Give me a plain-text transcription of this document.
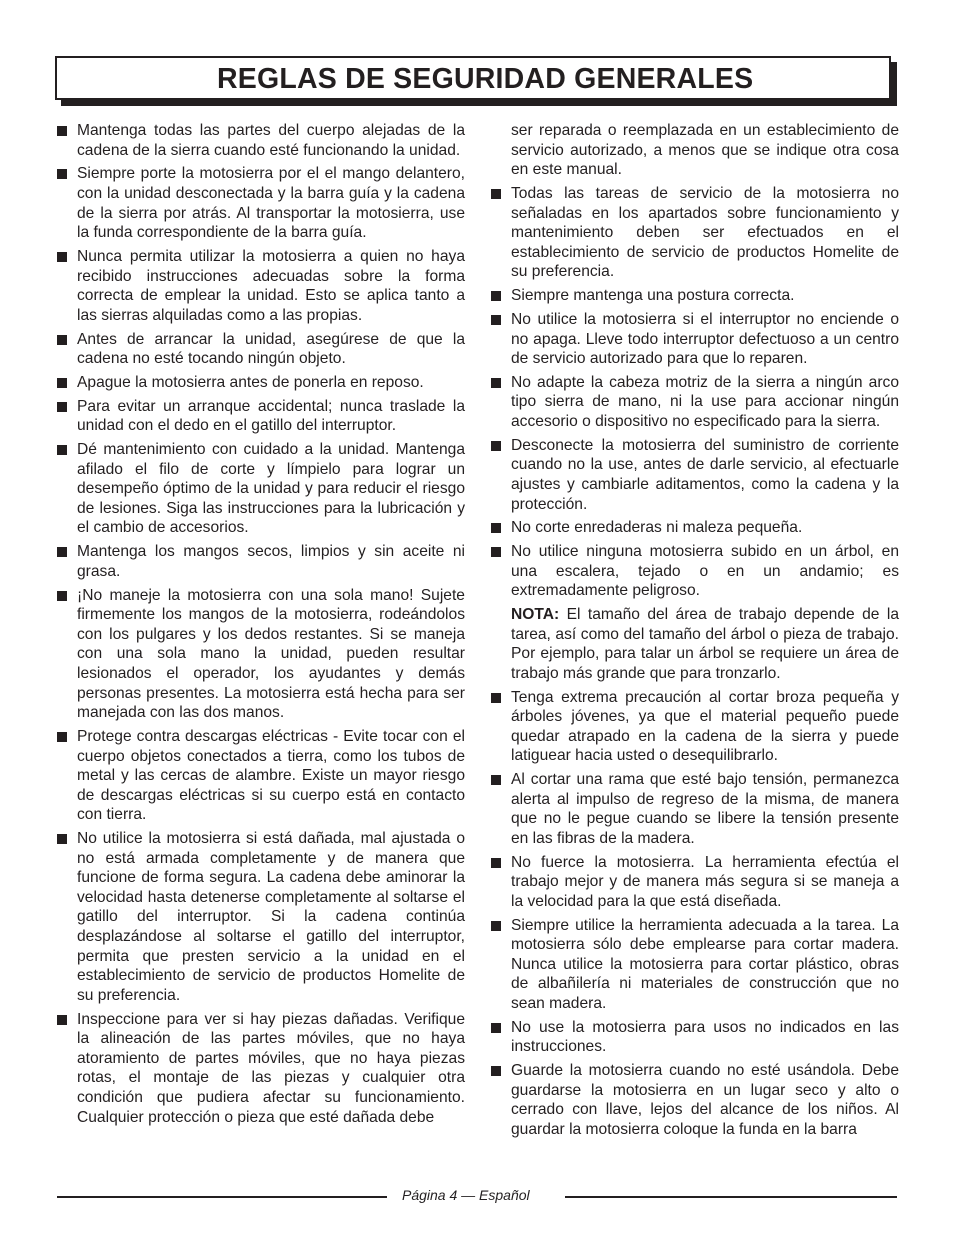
REGLAS DE SEGURIDAD GENERALES
Mantenga todas las partes del cuerpo alejadas de la cadena de la sierra cuando esté funcionando la unidad.
Siempre porte la motosierra por el el mango delantero, con la unidad desconectada y la barra guía y la cadena de la sierra por atrás. Al transportar la motosierra, use la funda correspondiente de la barra guía.
Nunca permita utilizar la motosierra a quien no haya recibido instrucciones adecuadas sobre la forma correcta de emplear la unidad. Esto se aplica tanto a las sierras alquiladas como a las propias.
Antes de arrancar la unidad, asegúrese de que la cadena no esté tocando ningún objeto.
Apague la motosierra antes de ponerla en reposo.
Para evitar un arranque accidental; nunca traslade la unidad con el dedo en el gatillo del interruptor.
Dé mantenimiento con cuidado a la unidad. Mantenga afilado el filo de corte y límpielo para lograr un desempeño óptimo de la unidad y para reducir el riesgo de lesiones. Siga las instrucciones para la lubricación y el cambio de accesorios.
Mantenga los mangos secos, limpios y sin aceite ni grasa.
¡No maneje la motosierra con una sola mano! Sujete firmemente los mangos de la motosierra, rodeándolos con los pulgares y los dedos restantes. Si se maneja con una sola mano la unidad, pueden resultar lesionados el operador, los ayudantes y demás personas presentes. La motosierra está hecha para ser manejada con las dos manos.
Protege contra descargas eléctricas - Evite tocar con el cuerpo objetos conectados a tierra, como los tubos de metal y las cercas de alambre. Existe un mayor riesgo de descargas eléctricas si su cuerpo está en contacto con tierra.
No utilice la motosierra si está dañada, mal ajustada o no está armada completamente y de manera que funcione de forma segura. La cadena debe aminorar la velocidad hasta detenerse completamente al soltarse el gatillo del interruptor. Si la cadena continúa desplazándose al soltarse el gatillo del interruptor, permita que presten servicio a la unidad en el establecimiento de servicio de productos Homelite de su preferencia.
Inspeccione para ver si hay piezas dañadas. Verifique la alineación de las partes móviles, que no haya atoramiento de partes móviles, que no haya piezas rotas, el montaje de las piezas y cualquier otra condición que pudiera afectar su funcionamiento. Cualquier protección o pieza que esté dañada debe
ser reparada o reemplazada en un establecimiento de servicio autorizado, a menos que se indique otra cosa en este manual.
Todas las tareas de servicio de la motosierra no señaladas en los apartados sobre funcionamiento y mantenimiento deben ser efectuados en el establecimiento de servicio de productos Homelite de su preferencia.
Siempre mantenga una postura correcta.
No utilice la motosierra si el interruptor no enciende o no apaga. Lleve todo interruptor defectuoso a un centro de servicio autorizado para que lo reparen.
No adapte la cabeza motriz de la sierra a ningún arco tipo sierra de mano, ni la use para accionar ningún accesorio o dispositivo no especificado para la sierra.
Desconecte la motosierra del suministro de corriente cuando no la use, antes de darle servicio, al efectuarle ajustes y cambiarle aditamentos, como la cadena y la protección.
No corte enredaderas ni maleza pequeña.
No utilice ninguna motosierra subido en un árbol, en una escalera, tejado o en un andamio; es extremadamente peligroso.
NOTA: El tamaño del área de trabajo depende de la tarea, así como del tamaño del árbol o pieza de trabajo. Por ejemplo, para talar un árbol se requiere un área de trabajo más grande que para tronzarlo.
Tenga extrema precaución al cortar broza pequeña y árboles jóvenes, ya que el material pequeño puede quedar atrapado en la cadena de la sierra y puede latiguear hacia usted o desequilibrarlo.
Al cortar una rama que esté bajo tensión, permanezca alerta al impulso de regreso de la misma, de manera que no le pegue cuando se libere la tensión presente en las fibras de la madera.
No fuerce la motosierra. La herramienta efectúa el trabajo mejor y de manera más segura si se maneja a la velocidad para la que está diseñada.
Siempre utilice la herramienta adecuada a la tarea. La motosierra sólo debe emplearse para cortar madera. Nunca utilice la motosierra para cortar plástico, obras de albañilería ni materiales de construcción que no sean madera.
No use la motosierra para usos no indicados en las instrucciones.
Guarde la motosierra cuando no esté usándola. Debe guardarse la motosierra en un lugar seco y alto o cerrado con llave, lejos del alcance de los niños. Al guardar la motosierra coloque la funda en la barra
Página 4 — Español
